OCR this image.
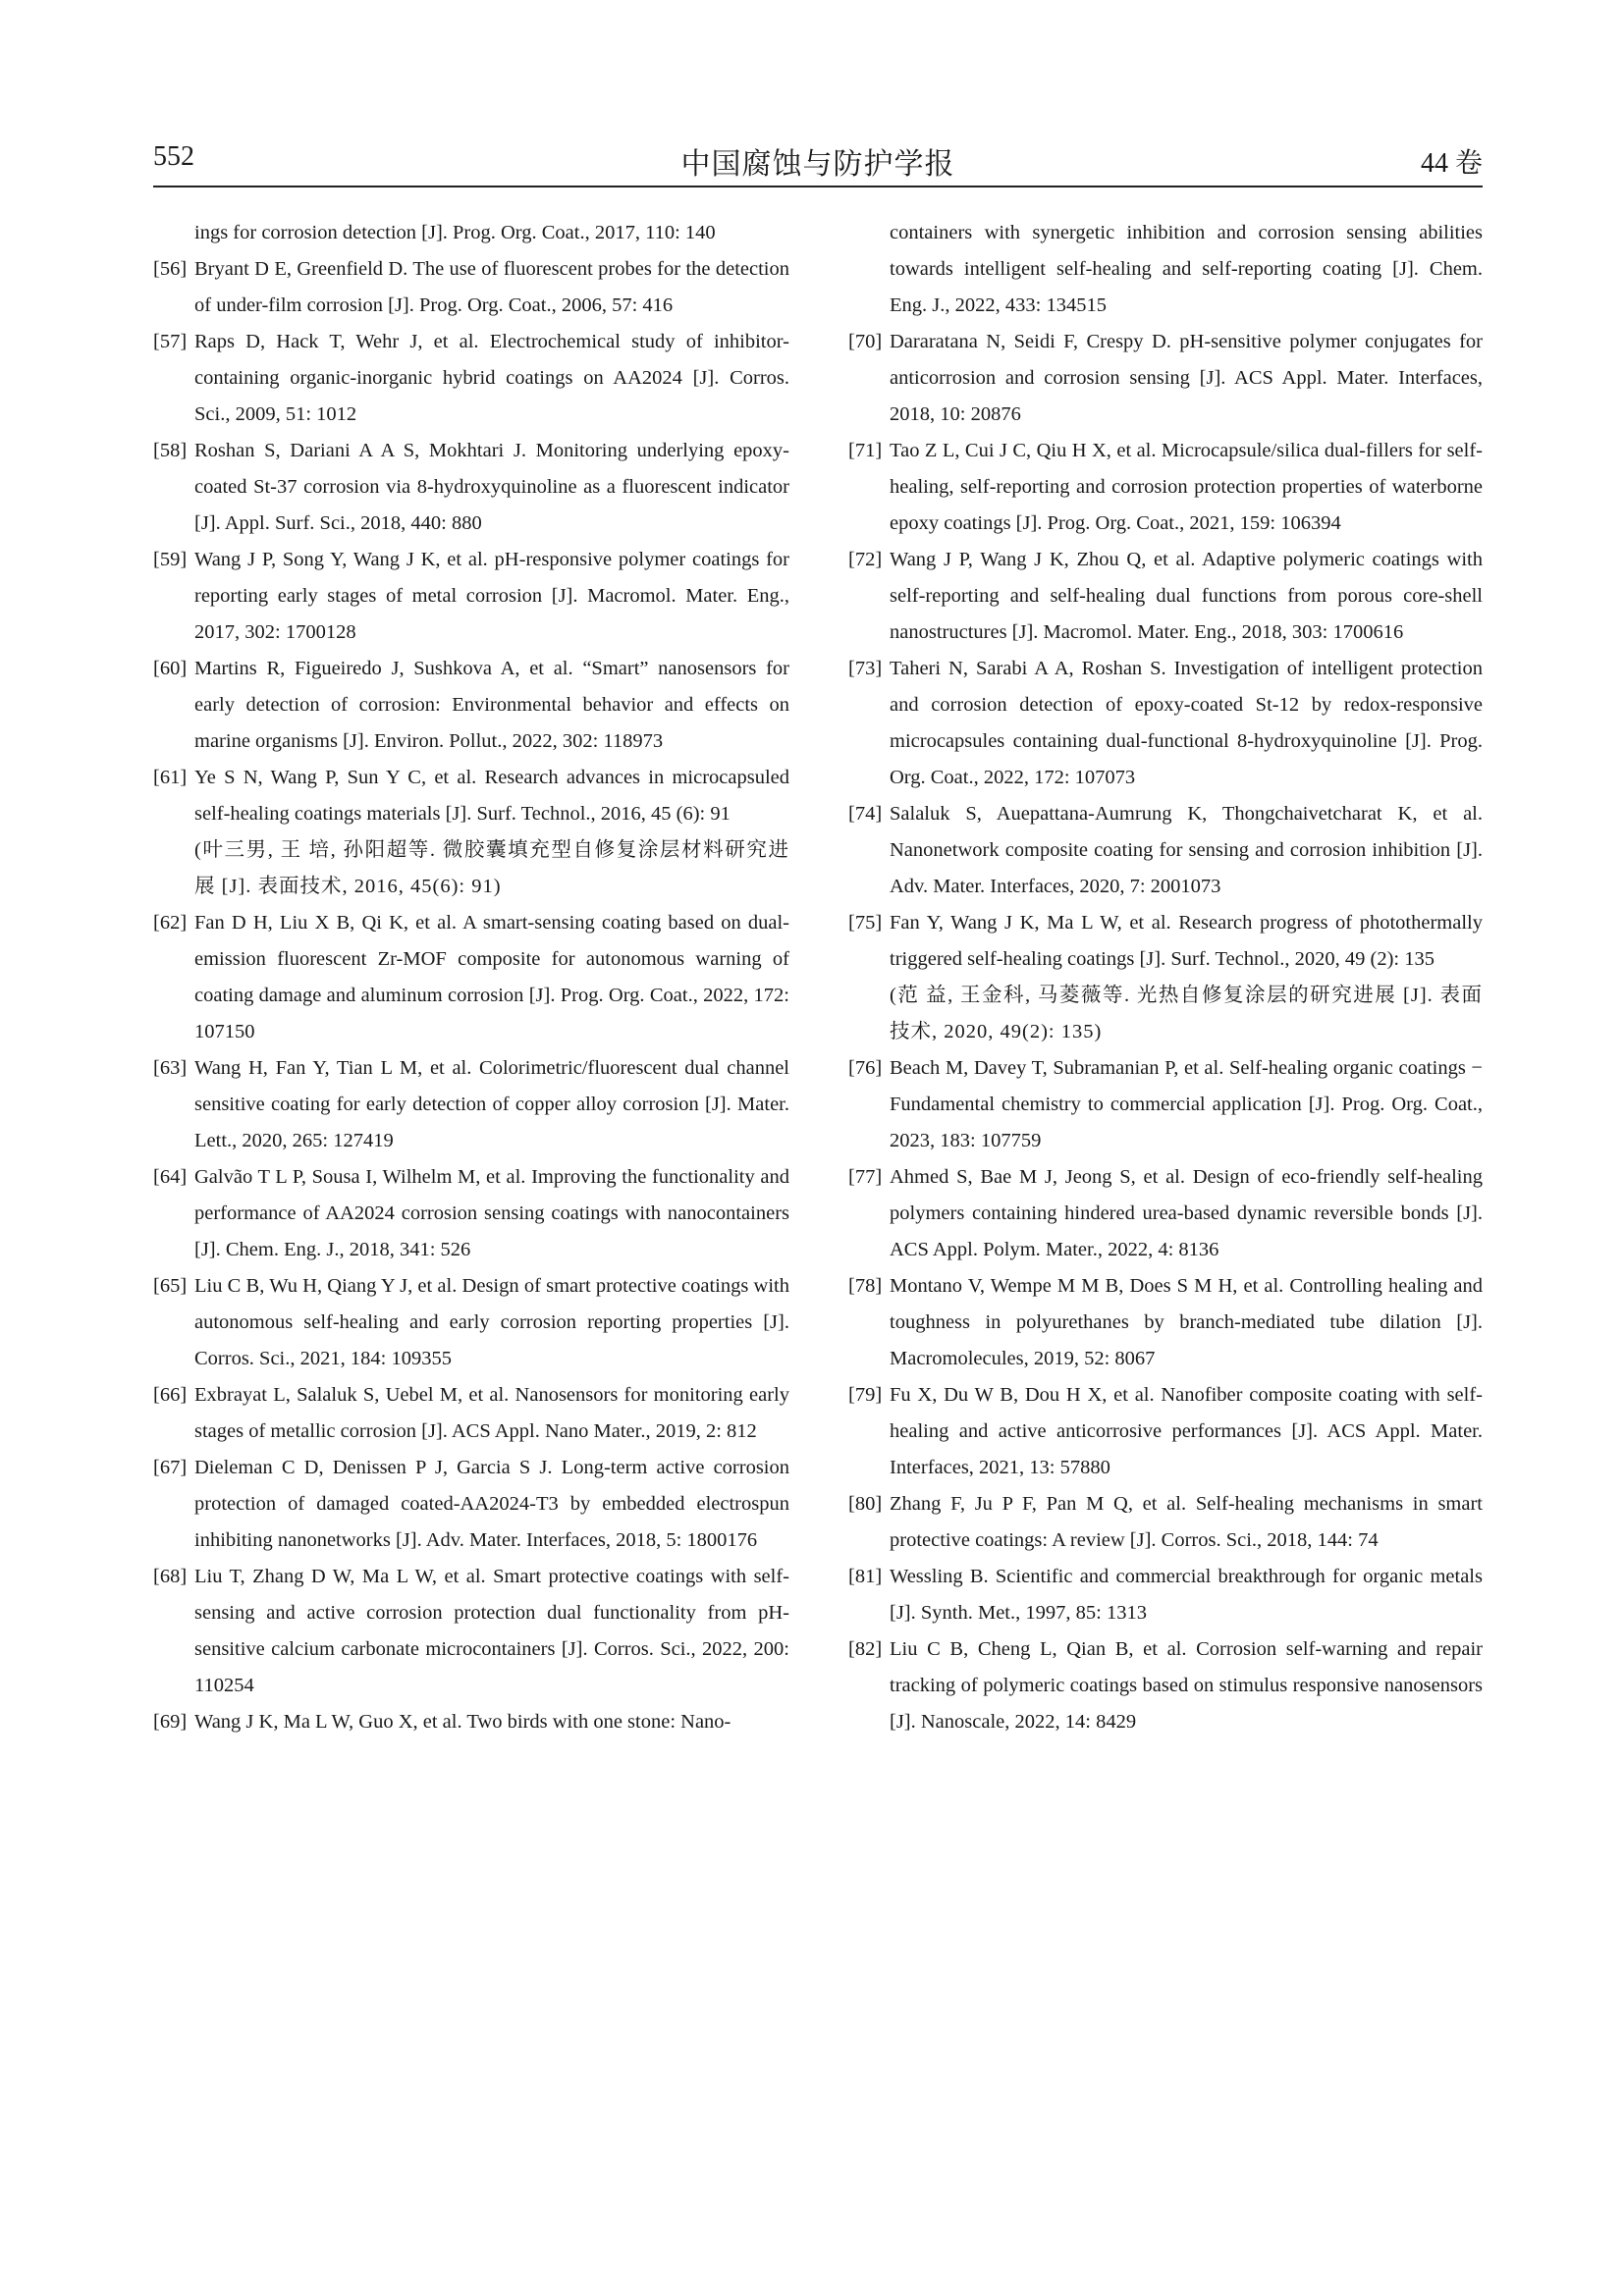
552	中国腐蚀与防护学报	44 卷

ings for corrosion detection [J]. Prog. Org. Coat., 2017, 110: 140

[56] Bryant D E, Greenfield D. The use of fluorescent probes for the detection of under-film corrosion [J]. Prog. Org. Coat., 2006, 57: 416

[57] Raps D, Hack T, Wehr J, et al. Electrochemical study of inhibitor-containing organic-inorganic hybrid coatings on AA2024 [J]. Corros. Sci., 2009, 51: 1012

[58] Roshan S, Dariani A A S, Mokhtari J. Monitoring underlying epoxy-coated St-37 corrosion via 8-hydroxyquinoline as a fluorescent indicator [J]. Appl. Surf. Sci., 2018, 440: 880

[59] Wang J P, Song Y, Wang J K, et al. pH-responsive polymer coatings for reporting early stages of metal corrosion [J]. Macromol. Mater. Eng., 2017, 302: 1700128

[60] Martins R, Figueiredo J, Sushkova A, et al. “Smart” nanosensors for early detection of corrosion: Environmental behavior and effects on marine organisms [J]. Environ. Pollut., 2022, 302: 118973

[61] Ye S N, Wang P, Sun Y C, et al. Research advances in microcapsuled self-healing coatings materials [J]. Surf. Technol., 2016, 45 (6): 91
(叶三男, 王 培, 孙阳超等. 微胶囊填充型自修复涂层材料研究进展 [J]. 表面技术, 2016, 45(6): 91)

[62] Fan D H, Liu X B, Qi K, et al. A smart-sensing coating based on dual-emission fluorescent Zr-MOF composite for autonomous warning of coating damage and aluminum corrosion [J]. Prog. Org. Coat., 2022, 172: 107150

[63] Wang H, Fan Y, Tian L M, et al. Colorimetric/fluorescent dual channel sensitive coating for early detection of copper alloy corrosion [J]. Mater. Lett., 2020, 265: 127419

[64] Galvão T L P, Sousa I, Wilhelm M, et al. Improving the functionality and performance of AA2024 corrosion sensing coatings with nanocontainers [J]. Chem. Eng. J., 2018, 341: 526

[65] Liu C B, Wu H, Qiang Y J, et al. Design of smart protective coatings with autonomous self-healing and early corrosion reporting properties [J]. Corros. Sci., 2021, 184: 109355

[66] Exbrayat L, Salaluk S, Uebel M, et al. Nanosensors for monitoring early stages of metallic corrosion [J]. ACS Appl. Nano Mater., 2019, 2: 812

[67] Dieleman C D, Denissen P J, Garcia S J. Long-term active corrosion protection of damaged coated-AA2024-T3 by embedded electrospun inhibiting nanonetworks [J]. Adv. Mater. Interfaces, 2018, 5: 1800176

[68] Liu T, Zhang D W, Ma L W, et al. Smart protective coatings with self-sensing and active corrosion protection dual functionality from pH-sensitive calcium carbonate microcontainers [J]. Corros. Sci., 2022, 200: 110254

[69] Wang J K, Ma L W, Guo X, et al. Two birds with one stone: Nano-

containers with synergetic inhibition and corrosion sensing abilities towards intelligent self-healing and self-reporting coating [J]. Chem. Eng. J., 2022, 433: 134515

[70] Dararatana N, Seidi F, Crespy D. pH-sensitive polymer conjugates for anticorrosion and corrosion sensing [J]. ACS Appl. Mater. Interfaces, 2018, 10: 20876

[71] Tao Z L, Cui J C, Qiu H X, et al. Microcapsule/silica dual-fillers for self-healing, self-reporting and corrosion protection properties of waterborne epoxy coatings [J]. Prog. Org. Coat., 2021, 159: 106394

[72] Wang J P, Wang J K, Zhou Q, et al. Adaptive polymeric coatings with self-reporting and self-healing dual functions from porous core-shell nanostructures [J]. Macromol. Mater. Eng., 2018, 303: 1700616

[73] Taheri N, Sarabi A A, Roshan S. Investigation of intelligent protection and corrosion detection of epoxy-coated St-12 by redox-responsive microcapsules containing dual-functional 8-hydroxyquinoline [J]. Prog. Org. Coat., 2022, 172: 107073

[74] Salaluk S, Auepattana-Aumrung K, Thongchaivetcharat K, et al. Nanonetwork composite coating for sensing and corrosion inhibition [J]. Adv. Mater. Interfaces, 2020, 7: 2001073

[75] Fan Y, Wang J K, Ma L W, et al. Research progress of photothermally triggered self-healing coatings [J]. Surf. Technol., 2020, 49 (2): 135
(范 益, 王金科, 马菱薇等. 光热自修复涂层的研究进展 [J]. 表面技术, 2020, 49(2): 135)

[76] Beach M, Davey T, Subramanian P, et al. Self-healing organic coatings − Fundamental chemistry to commercial application [J]. Prog. Org. Coat., 2023, 183: 107759

[77] Ahmed S, Bae M J, Jeong S, et al. Design of eco-friendly self-healing polymers containing hindered urea-based dynamic reversible bonds [J]. ACS Appl. Polym. Mater., 2022, 4: 8136

[78] Montano V, Wempe M M B, Does S M H, et al. Controlling healing and toughness in polyurethanes by branch-mediated tube dilation [J]. Macromolecules, 2019, 52: 8067

[79] Fu X, Du W B, Dou H X, et al. Nanofiber composite coating with self-healing and active anticorrosive performances [J]. ACS Appl. Mater. Interfaces, 2021, 13: 57880

[80] Zhang F, Ju P F, Pan M Q, et al. Self-healing mechanisms in smart protective coatings: A review [J]. Corros. Sci., 2018, 144: 74

[81] Wessling B. Scientific and commercial breakthrough for organic metals [J]. Synth. Met., 1997, 85: 1313

[82] Liu C B, Cheng L, Qian B, et al. Corrosion self-warning and repair tracking of polymeric coatings based on stimulus responsive nanosensors [J]. Nanoscale, 2022, 14: 8429
